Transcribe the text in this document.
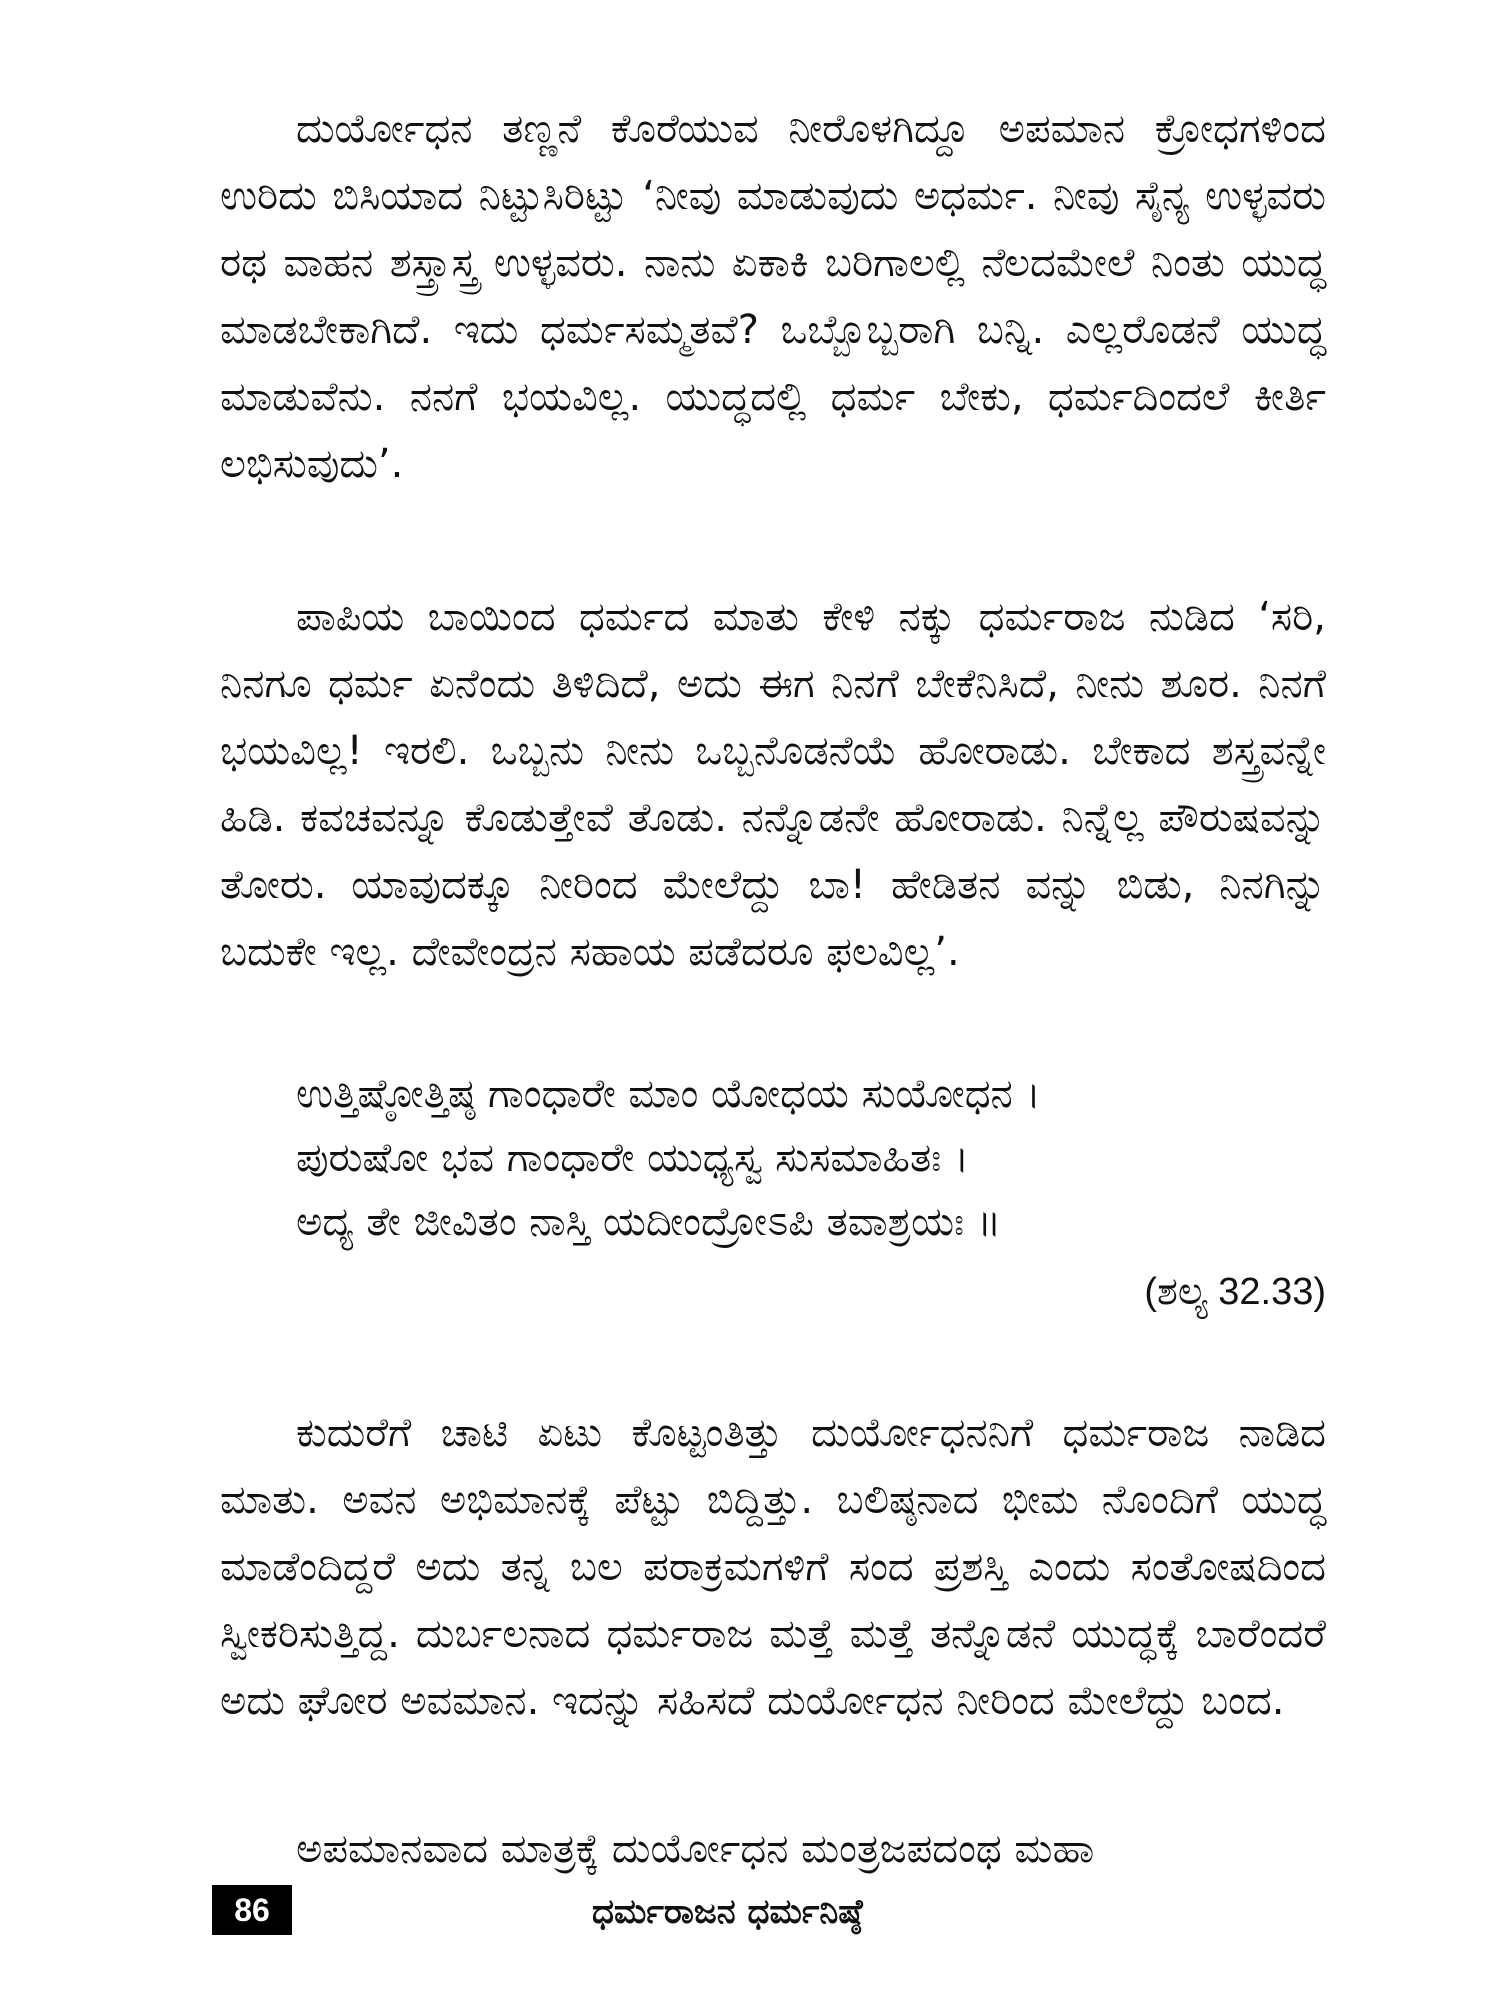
ದುರ್ಯೋಧನ ತಣ್ಣನೆ ಕೊರೆಯುವ ನೀರೊಳಗಿದ್ದೂ ಅಪಮಾನ ಕ್ರೋಧಗಳಿಂದ ಉರಿದು ಬಿಸಿಯಾದ ನಿಟ್ಟುಸಿರಿಟ್ಟು ‘ನೀವು ಮಾಡುವುದು ಅಧರ್ಮ. ನೀವು ಸೈನ್ಯ ಉಳ್ಳವರು ರಥ ವಾಹನ ಶಸ್ತ್ರಾಸ್ತ್ರ ಉಳ್ಳವರು. ನಾನು ಏಕಾಕಿ ಬರಿಗಾಲಲ್ಲಿ ನೆಲದಮೇಲೆ ನಿಂತು ಯುದ್ಧ ಮಾಡಬೇಕಾಗಿದೆ. ಇದು ಧರ್ಮಸಮ್ಮತವೆ? ಒಬ್ಬೊಬ್ಬರಾಗಿ ಬನ್ನಿ. ಎಲ್ಲರೊಡನೆ ಯುದ್ಧ ಮಾಡುವೆನು. ನನಗೆ ಭಯವಿಲ್ಲ. ಯುದ್ಧದಲ್ಲಿ ಧರ್ಮ ಬೇಕು, ಧರ್ಮದಿಂದಲೆ ಕೀರ್ತಿ ಲಭಿಸುವುದು’.

ಪಾಪಿಯ ಬಾಯಿಂದ ಧರ್ಮದ ಮಾತು ಕೇಳಿ ನಕ್ಕು ಧರ್ಮರಾಜ ನುಡಿದ ‘ಸರಿ, ನಿನಗೂ ಧರ್ಮ ಏನೆಂದು ತಿಳಿದಿದೆ, ಅದು ಈಗ ನಿನಗೆ ಬೇಕೆನಿಸಿದೆ, ನೀನು ಶೂರ. ನಿನಗೆ ಭಯವಿಲ್ಲ! ಇರಲಿ. ಒಬ್ಬನು ನೀನು ಒಬ್ಬನೊಡನೆಯೆ ಹೋರಾಡು. ಬೇಕಾದ ಶಸ್ತ್ರವನ್ನೇ ಹಿಡಿ. ಕವಚವನ್ನೂ ಕೊಡುತ್ತೇವೆ ತೊಡು. ನನ್ನೊಡನೇ ಹೋರಾಡು. ನಿನ್ನೆಲ್ಲ ಪೌರುಷವನ್ನು ತೋರು. ಯಾವುದಕ್ಕೂ ನೀರಿಂದ ಮೇಲೆದ್ದು ಬಾ! ಹೇಡಿತನ ವನ್ನು ಬಿಡು, ನಿನಗಿನ್ನು ಬದುಕೇ ಇಲ್ಲ. ದೇವೇಂದ್ರನ ಸಹಾಯ ಪಡೆದರೂ ಫಲವಿಲ್ಲ’.

ಉತ್ತಿಷ್ಠೋತ್ತಿಷ್ಠ ಗಾಂಧಾರೇ ಮಾಂ ಯೋಧಯ ಸುಯೋಧನ ।
ಪುರುಷೋ ಭವ ಗಾಂಧಾರೇ ಯುಧ್ಯಸ್ವ ಸುಸಮಾಹಿತಃ ।
ಅದ್ಯ ತೇ ಜೀವಿತಂ ನಾಸ್ತಿ ಯದೀಂದ್ರೋಽಪಿ ತವಾಶ್ರಯಃ ॥
(ಶಲ್ಯ 32.33)

ಕುದುರೆಗೆ ಚಾಟಿ ಏಟು ಕೊಟ್ಟಂತಿತ್ತು ದುರ್ಯೋಧನನಿಗೆ ಧರ್ಮರಾಜ ನಾಡಿದ ಮಾತು. ಅವನ ಅಭಿಮಾನಕ್ಕೆ ಪೆಟ್ಟು ಬಿದ್ದಿತ್ತು. ಬಲಿಷ್ಠನಾದ ಭೀಮ ನೊಂದಿಗೆ ಯುದ್ಧ ಮಾಡೆಂದಿದ್ದರೆ ಅದು ತನ್ನ ಬಲ ಪರಾಕ್ರಮಗಳಿಗೆ ಸಂದ ಪ್ರಶಸ್ತಿ ಎಂದು ಸಂತೋಷದಿಂದ ಸ್ವೀಕರಿಸುತ್ತಿದ್ದ. ದುರ್ಬಲನಾದ ಧರ್ಮರಾಜ ಮತ್ತೆ ಮತ್ತೆ ತನ್ನೊಡನೆ ಯುದ್ಧಕ್ಕೆ ಬಾರೆಂದರೆ ಅದು ಘೋರ ಅವಮಾನ. ಇದನ್ನು ಸಹಿಸದೆ ದುರ್ಯೋಧನ ನೀರಿಂದ ಮೇಲೆದ್ದು ಬಂದ.

ಅಪಮಾನವಾದ ಮಾತ್ರಕ್ಕೆ ದುರ್ಯೋಧನ ಮಂತ್ರಜಪದಂಥ ಮಹಾ

86	ಧರ್ಮರಾಜನ ಧರ್ಮನಿಷ್ಠೆ
